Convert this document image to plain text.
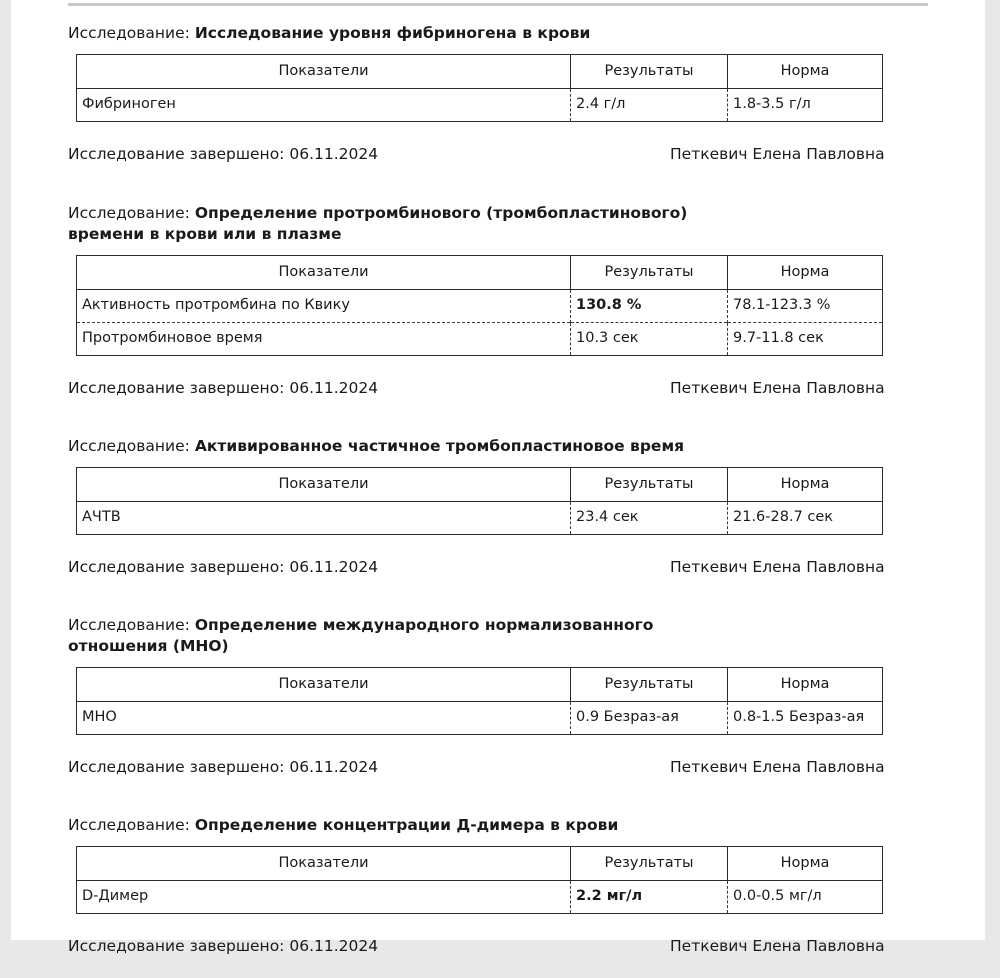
Исследование: Исследование уровня фибриногена в крови
Показатели	Результаты	Норма
Фибриноген	2.4 г/л	1.8-3.5 г/л
Исследование завершено: 06.11.2024	Петкевич Елена Павловна
Исследование: Определение протромбинового (тромбопластинового) времени в крови или в плазме
Показатели	Результаты	Норма
Активность протромбина по Квику	130.8 %	78.1-123.3 %
Протромбиновое время	10.3 сек	9.7-11.8 сек
Исследование завершено: 06.11.2024	Петкевич Елена Павловна
Исследование: Активированное частичное тромбопластиновое время
Показатели	Результаты	Норма
АЧТВ	23.4 сек	21.6-28.7 сек
Исследование завершено: 06.11.2024	Петкевич Елена Павловна
Исследование: Определение международного нормализованного отношения (МНО)
Показатели	Результаты	Норма
МНО	0.9 Безраз-ая	0.8-1.5 Безраз-ая
Исследование завершено: 06.11.2024	Петкевич Елена Павловна
Исследование: Определение концентрации Д-димера в крови
Показатели	Результаты	Норма
D-Димер	2.2 мг/л	0.0-0.5 мг/л
Исследование завершено: 06.11.2024	Петкевич Елена Павловна
